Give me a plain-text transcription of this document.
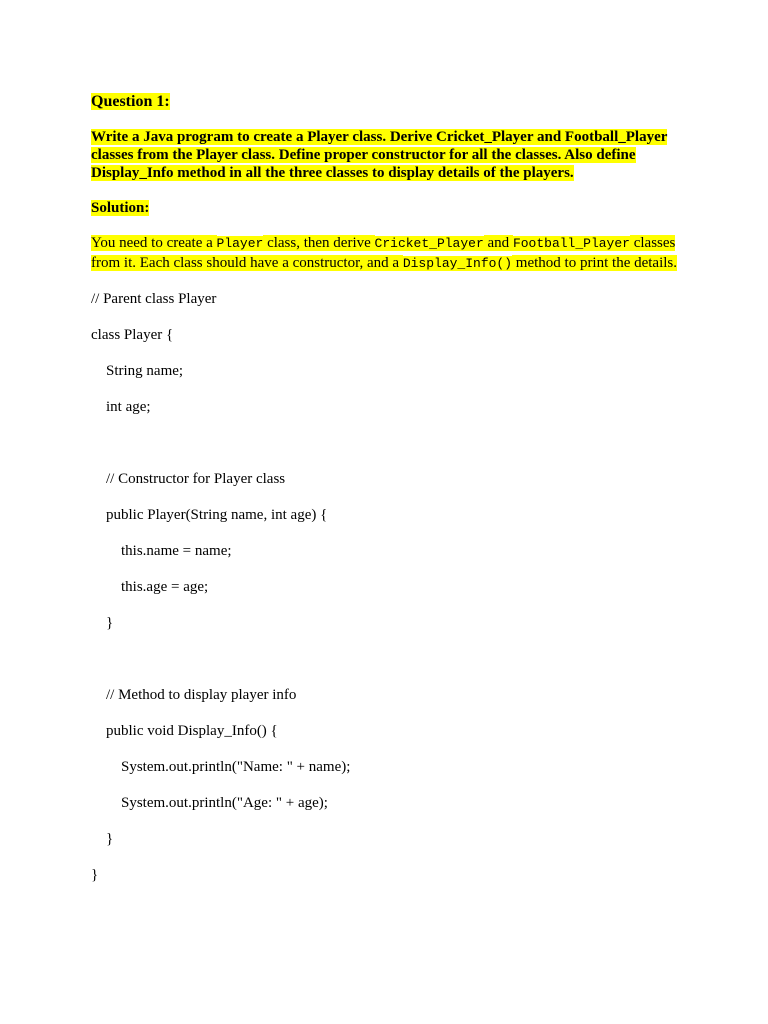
Question 1:
Write a Java program to create a Player class. Derive Cricket_Player and Football_Player classes from the Player class. Define proper constructor for all the classes. Also define Display_Info method in all the three classes to display details of the players.
Solution:
You need to create a Player class, then derive Cricket_Player and Football_Player classes from it. Each class should have a constructor, and a Display_Info() method to print the details.
// Parent class Player
class Player {
String name;
int age;
// Constructor for Player class
public Player(String name, int age) {
this.name = name;
this.age = age;
}
// Method to display player info
public void Display_Info() {
System.out.println("Name: " + name);
System.out.println("Age: " + age);
}
}
